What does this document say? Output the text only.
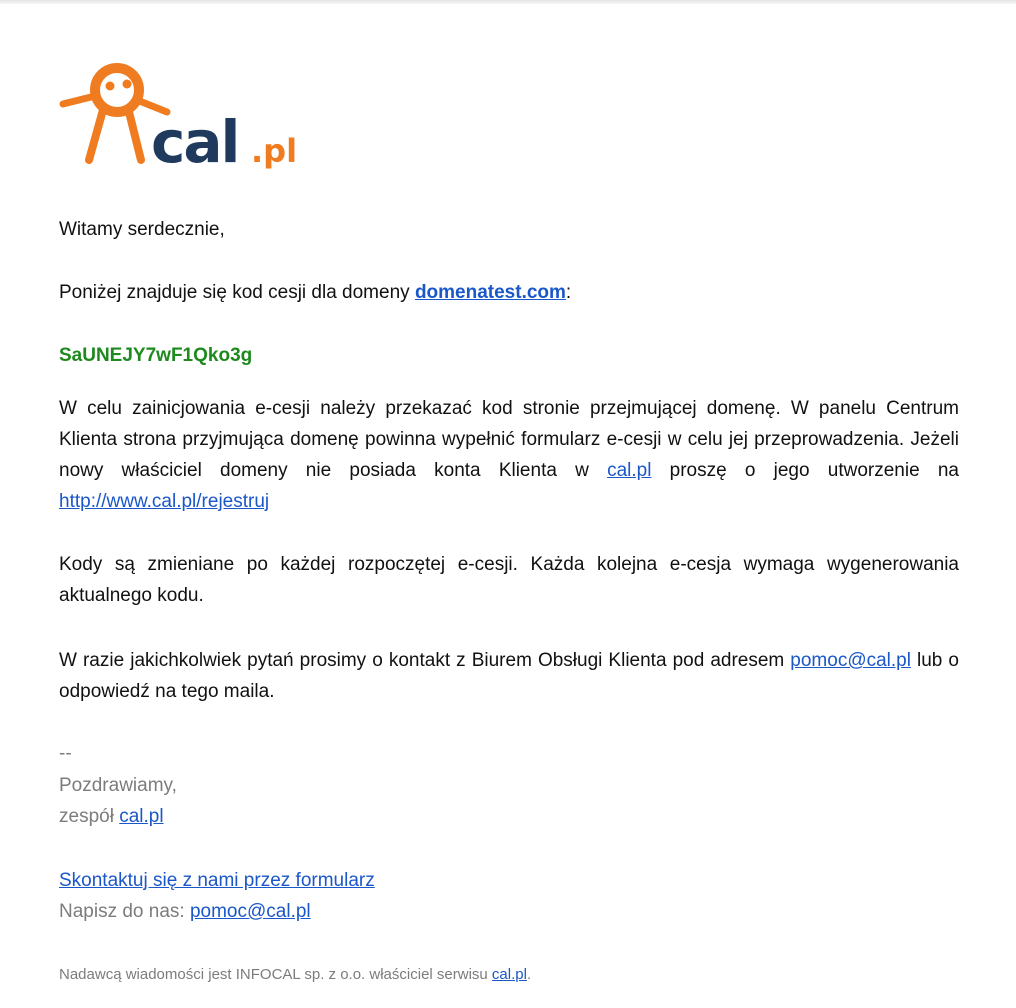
cal .pl

Witamy serdecznie,

Poniżej znajduje się kod cesji dla domeny domenatest.com:

SaUNEJY7wF1Qko3g

W celu zainicjowania e-cesji należy przekazać kod stronie przejmującej domenę. W panelu Centrum Klienta strona przyjmująca domenę powinna wypełnić formularz e-cesji w celu jej przeprowadzenia. Jeżeli nowy właściciel domeny nie posiada konta Klienta w cal.pl proszę o jego utworzenie na http://www.cal.pl/rejestruj

Kody są zmieniane po każdej rozpoczętej e-cesji. Każda kolejna e-cesja wymaga wygenerowania aktualnego kodu.

W razie jakichkolwiek pytań prosimy o kontakt z Biurem Obsługi Klienta pod adresem pomoc@cal.pl lub o odpowiedź na tego maila.

--

Pozdrawiamy,

zespół cal.pl

Skontaktuj się z nami przez formularz

Napisz do nas: pomoc@cal.pl

Nadawcą wiadomości jest INFOCAL sp. z o.o. właściciel serwisu cal.pl.
